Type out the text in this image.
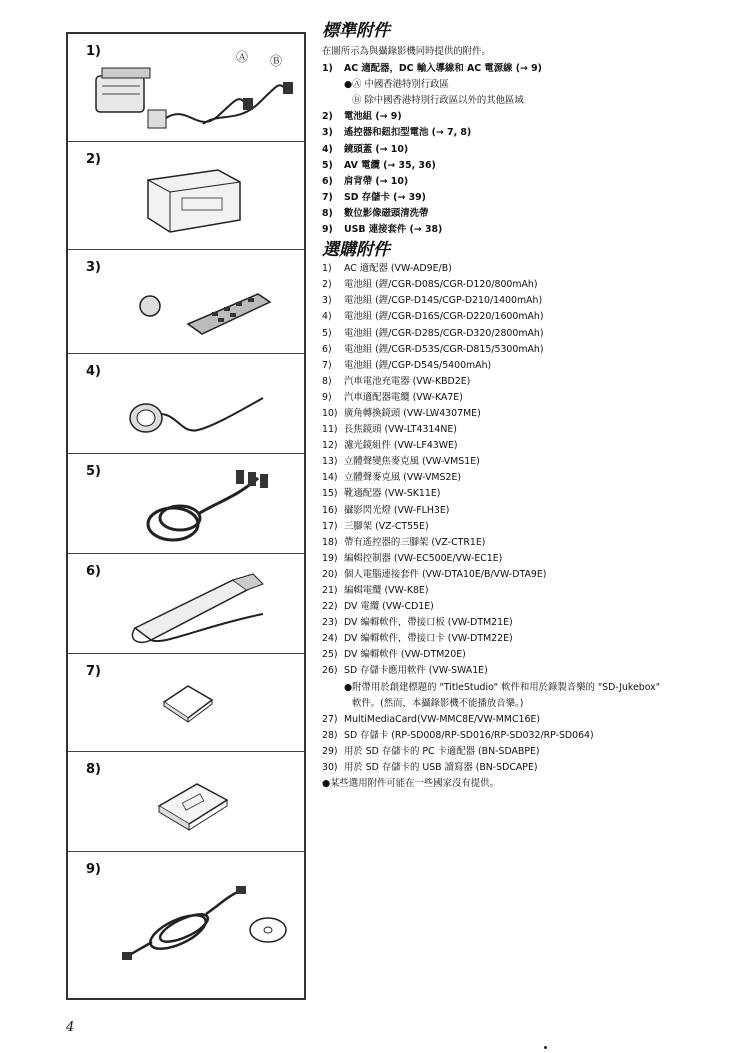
1)	Ⓐ Ⓑ
2)
3)
4)
5)
6)
7)
8)
9)
4
標準附件
在圖所示為與攝錄影機同時提供的附件。
1)	AC 適配器，DC 輸入導線和 AC 電源線 (→ 9)
●Ⓐ 中國香港特別行政區
Ⓑ 除中國香港特別行政區以外的其他區域
2)	電池組 (→ 9)
3)	遙控器和鈕扣型電池 (→ 7, 8)
4)	鏡頭蓋 (→ 10)
5)	AV 電纜 (→ 35, 36)
6)	肩背帶 (→ 10)
7)	SD 存儲卡 (→ 39)
8)	數位影像磁頭清洗帶
9)	USB 連接套件 (→ 38)
選購附件
1)	AC 適配器 (VW-AD9E/B)
2)	電池組 (鋰/CGR-D08S/CGR-D120/800mAh)
3)	電池組 (鋰/CGP-D14S/CGP-D210/1400mAh)
4)	電池組 (鋰/CGR-D16S/CGR-D220/1600mAh)
5)	電池組 (鋰/CGR-D28S/CGR-D320/2800mAh)
6)	電池組 (鋰/CGR-D53S/CGR-D815/5300mAh)
7)	電池組 (鋰/CGP-D54S/5400mAh)
8)	汽車電池充電器 (VW-KBD2E)
9)	汽車適配器電纜 (VW-KA7E)
10) 廣角轉換鏡頭 (VW-LW4307ME)
11) 長焦鏡頭 (VW-LT4314NE)
12) 濾光鏡組件 (VW-LF43WE)
13) 立體聲變焦麥克風 (VW-VMS1E)
14) 立體聲麥克風 (VW-VMS2E)
15) 靴適配器 (VW-SK11E)
16) 攝影閃光燈 (VW-FLH3E)
17) 三腳架 (VZ-CT55E)
18) 帶有遙控器的三腳架 (VZ-CTR1E)
19) 編輯控制器 (VW-EC500E/VW-EC1E)
20) 個人電腦連接套件 (VW-DTA10E/B/VW-DTA9E)
21) 編輯電纜 (VW-K8E)
22) DV 電纜 (VW-CD1E)
23) DV 編輯軟件，帶接口板 (VW-DTM21E)
24) DV 編輯軟件，帶接口卡 (VW-DTM22E)
25) DV 編輯軟件 (VW-DTM20E)
26) SD 存儲卡應用軟件 (VW-SWA1E)
●附帶用於創建標題的 "TitleStudio" 軟件和用於錄製音樂的 "SD-Jukebox"
軟件。(然而，本攝錄影機不能播放音樂。)
27) MultiMediaCard(VW-MMC8E/VW-MMC16E)
28) SD 存儲卡 (RP-SD008/RP-SD016/RP-SD032/RP-SD064)
29) 用於 SD 存儲卡的 PC 卡適配器 (BN-SDABPE)
30) 用於 SD 存儲卡的 USB 讀寫器 (BN-SDCAPE)
●某些選用附件可能在一些國家沒有提供。
